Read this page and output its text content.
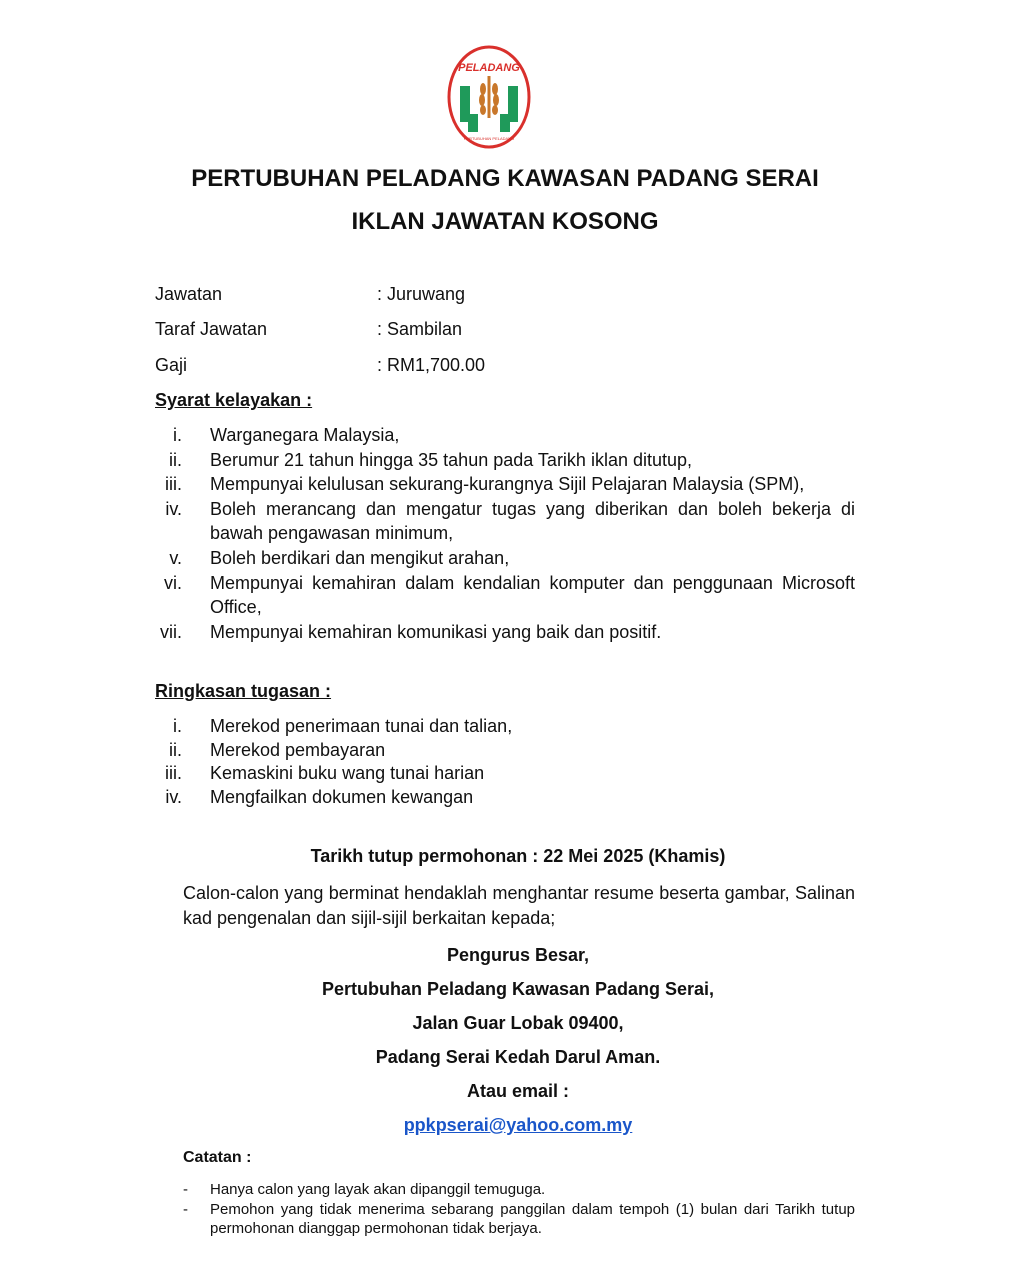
PELADANG
PERTUBUHAN PELADANG
PERTUBUHAN PELADANG KAWASAN PADANG SERAI
IKLAN JAWATAN KOSONG
Jawatan	: Juruwang
Taraf Jawatan	: Sambilan
Gaji	: RM1,700.00
Syarat kelayakan :
i.	Warganegara Malaysia,
ii.	Berumur 21 tahun hingga 35 tahun pada Tarikh iklan ditutup,
iii.	Mempunyai kelulusan sekurang-kurangnya Sijil Pelajaran Malaysia (SPM),
iv.	Boleh merancang dan mengatur tugas yang diberikan dan boleh bekerja di bawah pengawasan minimum,
v.	Boleh berdikari dan mengikut arahan,
vi.	Mempunyai kemahiran dalam kendalian komputer dan penggunaan Microsoft Office,
vii.	Mempunyai kemahiran komunikasi yang baik dan positif.
Ringkasan tugasan :
i.	Merekod penerimaan tunai dan talian,
ii.	Merekod pembayaran
iii.	Kemaskini buku wang tunai harian
iv.	Mengfailkan dokumen kewangan
Tarikh tutup permohonan : 22 Mei 2025 (Khamis)
Calon-calon yang berminat hendaklah menghantar resume beserta gambar, Salinan kad pengenalan dan sijil-sijil berkaitan kepada;
Pengurus Besar,
Pertubuhan Peladang Kawasan Padang Serai,
Jalan Guar Lobak 09400,
Padang Serai Kedah Darul Aman.
Atau email :
ppkpserai@yahoo.com.my
Catatan :
-	Hanya calon yang layak akan dipanggil temuguga.
-	Pemohon yang tidak menerima sebarang panggilan dalam tempoh (1) bulan dari Tarikh tutup permohonan dianggap permohonan tidak berjaya.
